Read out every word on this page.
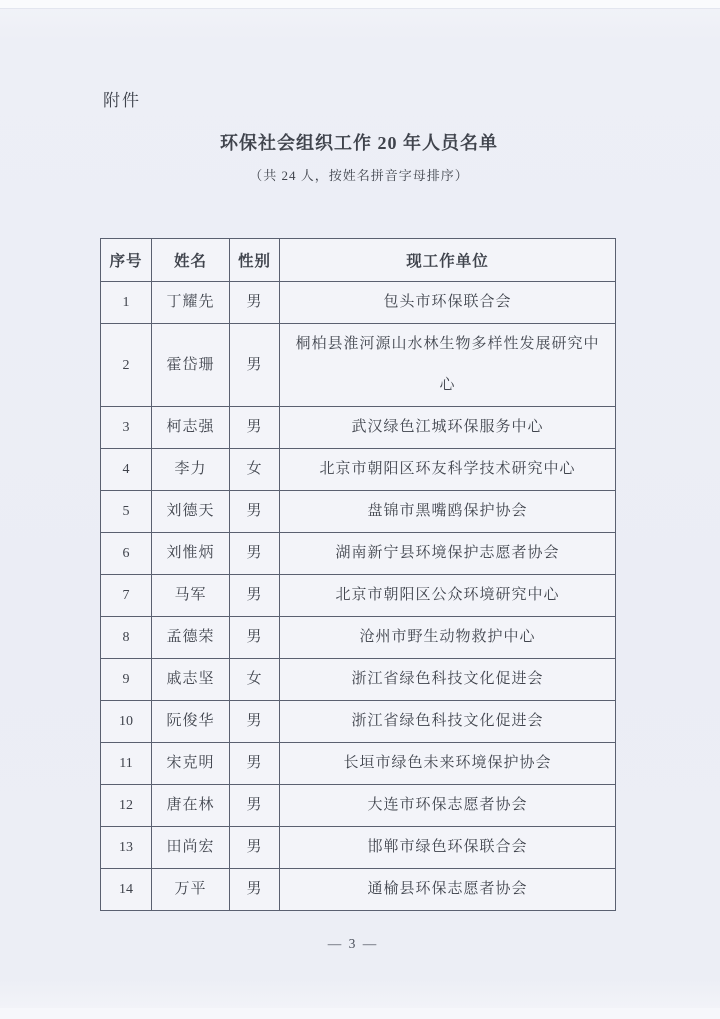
附件
环保社会组织工作 20 年人员名单
（共 24 人，按姓名拼音字母排序）
序号	姓名	性别	现工作单位
1	丁耀先	男	包头市环保联合会
2	霍岱珊	男	桐柏县淮河源山水林生物多样性发展研究中心
3	柯志强	男	武汉绿色江城环保服务中心
4	李力	女	北京市朝阳区环友科学技术研究中心
5	刘德天	男	盘锦市黑嘴鸥保护协会
6	刘惟炳	男	湖南新宁县环境保护志愿者协会
7	马军	男	北京市朝阳区公众环境研究中心
8	孟德荣	男	沧州市野生动物救护中心
9	戚志坚	女	浙江省绿色科技文化促进会
10	阮俊华	男	浙江省绿色科技文化促进会
11	宋克明	男	长垣市绿色未来环境保护协会
12	唐在林	男	大连市环保志愿者协会
13	田尚宏	男	邯郸市绿色环保联合会
14	万平	男	通榆县环保志愿者协会
— 3 —
